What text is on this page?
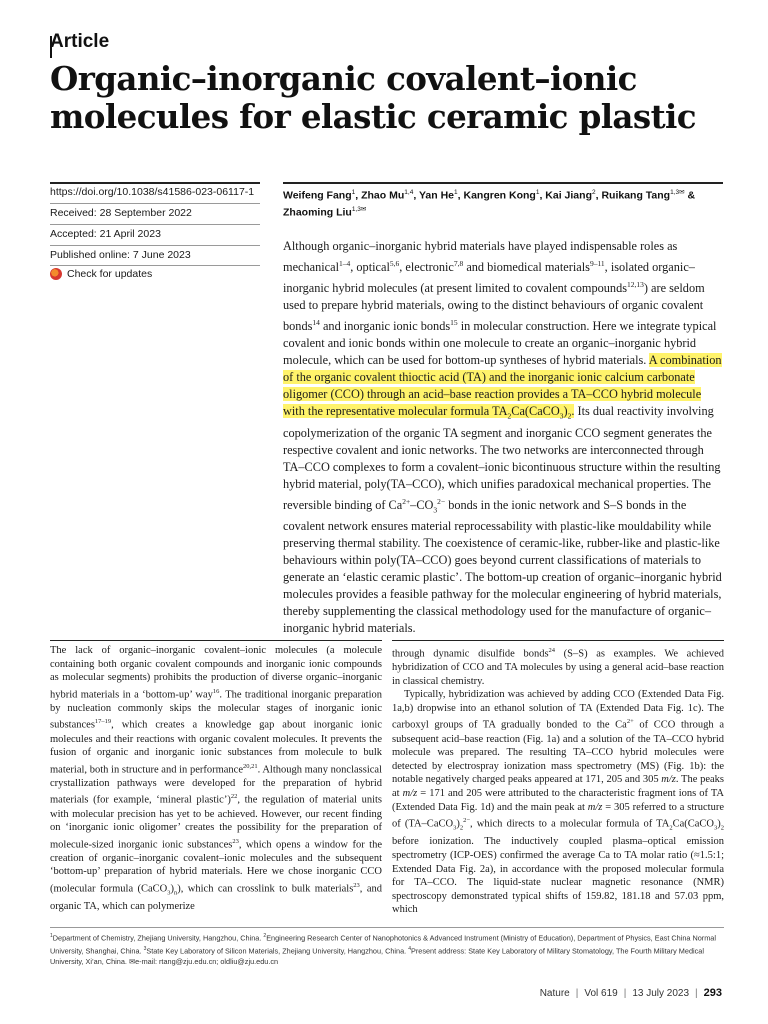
Article
Organic–inorganic covalent–ionic molecules for elastic ceramic plastic
https://doi.org/10.1038/s41586-023-06117-1
Received: 28 September 2022
Accepted: 21 April 2023
Published online: 7 June 2023
Check for updates
Weifeng Fang$^1$, Zhao Mu$^{1,4}$, Yan He$^1$, Kangren Kong$^1$, Kai Jiang$^2$, Ruikang Tang$^{1,3✉}$ & Zhaoming Liu$^{1,3✉}$
Although organic–inorganic hybrid materials have played indispensable roles as mechanical$^{1-4}$, optical$^{5,6}$, electronic$^{7,8}$ and biomedical materials$^{9-11}$, isolated organic–inorganic hybrid molecules (at present limited to covalent compounds$^{12,13}$) are seldom used to prepare hybrid materials, owing to the distinct behaviours of organic covalent bonds$^{14}$ and inorganic ionic bonds$^{15}$ in molecular construction. Here we integrate typical covalent and ionic bonds within one molecule to create an organic–inorganic hybrid molecule, which can be used for bottom-up syntheses of hybrid materials. A combination of the organic covalent thioctic acid (TA) and the inorganic ionic calcium carbonate oligomer (CCO) through an acid–base reaction provides a TA–CCO hybrid molecule with the representative molecular formula $TA_2Ca(CaCO_3)_2$. Its dual reactivity involving copolymerization of the organic TA segment and inorganic CCO segment generates the respective covalent and ionic networks. The two networks are interconnected through TA–CCO complexes to form a covalent–ionic bicontinuous structure within the resulting hybrid material, poly(TA–CCO), which unifies paradoxical mechanical properties. The reversible binding of $Ca^{2+}-CO_3^{2-}$ bonds in the ionic network and S–S bonds in the covalent network ensures material reprocessability with plastic-like mouldability while preserving thermal stability. The coexistence of ceramic-like, rubber-like and plastic-like behaviours within poly(TA–CCO) goes beyond current classifications of materials to generate an ‘elastic ceramic plastic’. The bottom-up creation of organic–inorganic hybrid molecules provides a feasible pathway for the molecular engineering of hybrid materials, thereby supplementing the classical methodology used for the manufacture of organic–inorganic hybrid materials.
The lack of organic–inorganic covalent–ionic molecules (a molecule containing both organic covalent compounds and inorganic ionic compounds as molecular segments) prohibits the production of diverse organic–inorganic hybrid materials in a ‘bottom-up’ way$^{16}$. The traditional inorganic preparation by nucleation commonly skips the molecular stages of inorganic ionic substances$^{17-19}$, which creates a knowledge gap about inorganic ionic molecules and their reactions with organic covalent molecules. It prevents the fusion of organic and inorganic ionic substances from molecule to bulk material, both in structure and in performance$^{20,21}$. Although many nonclassical crystallization pathways were developed for the preparation of hybrid materials (for example, ‘mineral plastic’)$^{22}$, the regulation of material units with molecular precision has yet to be achieved. However, our recent finding on ‘inorganic ionic oligomer’ creates the possibility for the preparation of molecule-sized inorganic ionic substances$^{23}$, which opens a window for the creation of organic–inorganic covalent–ionic molecules and the subsequent ‘bottom-up’ preparation of hybrid materials. Here we chose inorganic CCO (molecular formula $(CaCO_3)_n$), which can crosslink to bulk materials$^{23}$, and organic TA, which can polymerize
through dynamic disulfide bonds$^{24}$ (S–S) as examples. We achieved hybridization of CCO and TA molecules by using a general acid–base reaction in classical chemistry.
Typically, hybridization was achieved by adding CCO (Extended Data Fig. 1a,b) dropwise into an ethanol solution of TA (Extended Data Fig. 1c). The carboxyl groups of TA gradually bonded to the $Ca^{2+}$ of CCO through a subsequent acid–base reaction (Fig. 1a) and a solution of the TA–CCO hybrid molecule was prepared. The resulting TA–CCO hybrid molecules were detected by electrospray ionization mass spectrometry (MS) (Fig. 1b): the notable negatively charged peaks appeared at 171, 205 and 305 m/z. The peaks at m/z = 171 and 205 were attributed to the characteristic fragment ions of TA (Extended Data Fig. 1d) and the main peak at m/z = 305 referred to a structure of $(TA-CaCO_3)_2^{2-}$, which directs to a molecular formula of $TA_2Ca(CaCO_3)_2$ before ionization. The inductively coupled plasma–optical emission spectrometry (ICP-OES) confirmed the average Ca to TA molar ratio (≈1.5:1; Extended Data Fig. 2a), in accordance with the proposed molecular formula for TA–CCO. The liquid-state nuclear magnetic resonance (NMR) spectroscopy demonstrated typical shifts of 159.82, 181.18 and 57.03 ppm, which
$^1$Department of Chemistry, Zhejiang University, Hangzhou, China. $^2$Engineering Research Center of Nanophotonics & Advanced Instrument (Ministry of Education), Department of Physics, East China Normal University, Shanghai, China. $^3$State Key Laboratory of Silicon Materials, Zhejiang University, Hangzhou, China. $^4$Present address: State Key Laboratory of Military Stomatology, The Fourth Military Medical University, Xi’an, China. ✉e-mail: rtang@zju.edu.cn; oldliu@zju.edu.cn
Nature | Vol 619 | 13 July 2023 | 293
